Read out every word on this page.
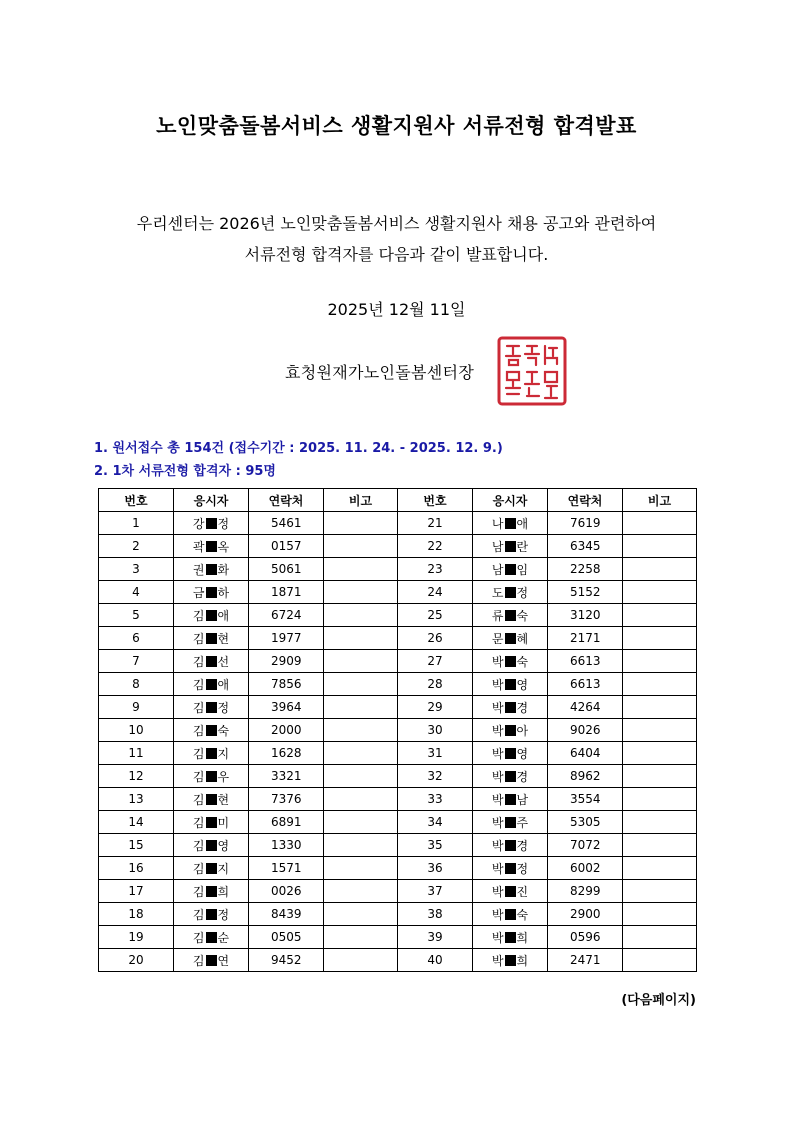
노인맞춤돌봄서비스 생활지원사 서류전형 합격발표
우리센터는 2026년 노인맞춤돌봄서비스 생활지원사 채용 공고와 관련하여
서류전형 합격자를 다음과 같이 발표합니다.
2025년 12월 11일
효청원재가노인돌봄센터장
1. 원서접수 총 154건 (접수기간 : 2025. 11. 24. - 2025. 12. 9.)
2. 1차 서류전형 합격자 : 95명
번호	응시자	연락처	비고	번호	응시자	연락처	비고
1	강 정	5461		21	나 애	7619	
2	곽 옥	0157		22	남 란	6345	
3	권 화	5061		23	남 임	2258	
4	금 하	1871		24	도 정	5152	
5	김 애	6724		25	류 숙	3120	
6	김 현	1977		26	문 혜	2171	
7	김 선	2909		27	박 숙	6613	
8	김 애	7856		28	박 영	6613	
9	김 정	3964		29	박 경	4264	
10	김 숙	2000		30	박 아	9026	
11	김 지	1628		31	박 영	6404	
12	김 우	3321		32	박 경	8962	
13	김 현	7376		33	박 남	3554	
14	김 미	6891		34	박 주	5305	
15	김 영	1330		35	박 경	7072	
16	김 지	1571		36	박 정	6002	
17	김 희	0026		37	박 진	8299	
18	김 정	8439		38	박 숙	2900	
19	김 순	0505		39	박 희	0596	
20	김 연	9452		40	박 희	2471	
(다음페이지)
